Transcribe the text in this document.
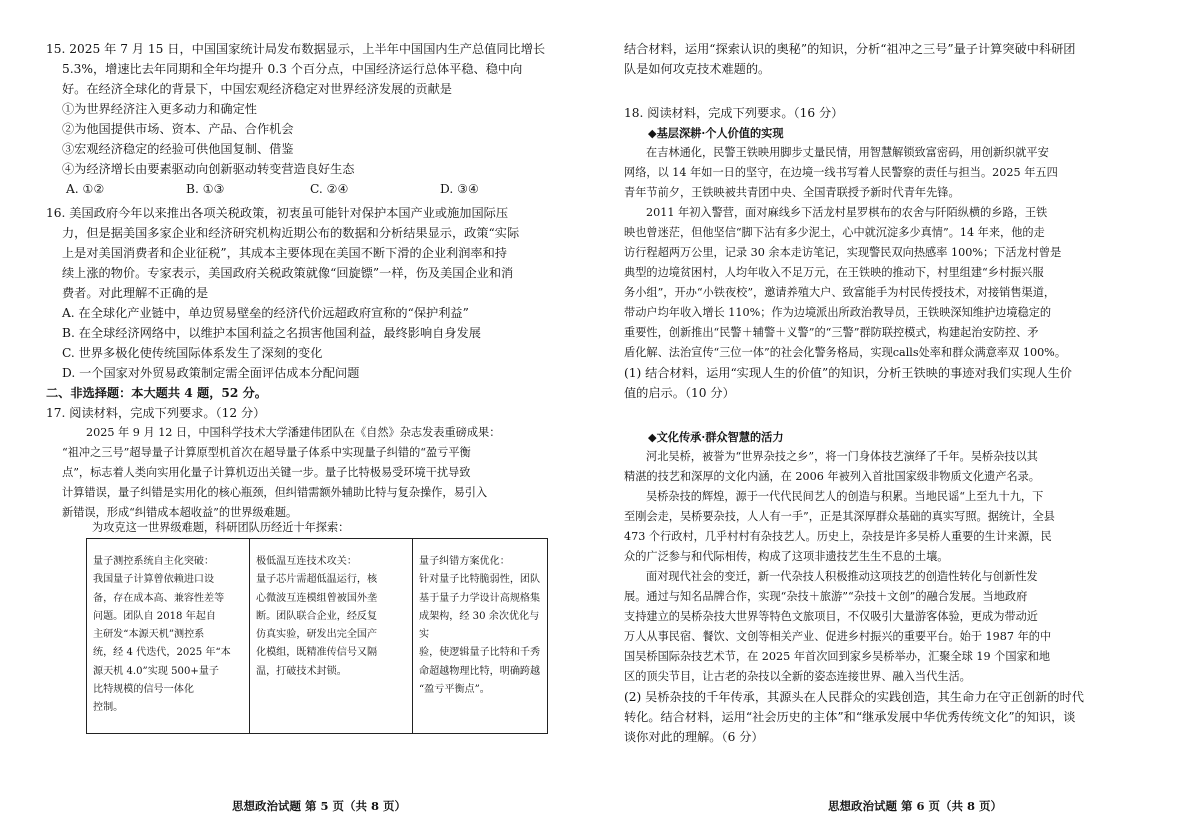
15. 2025 年 7 月 15 日，中国国家统计局发布数据显示，上半年中国国内生产总值同比增长
5.3%，增速比去年同期和全年均提升 0.3 个百分点，中国经济运行总体平稳、稳中向
好。在经济全球化的背景下，中国宏观经济稳定对世界经济发展的贡献是
①为世界经济注入更多动力和确定性
②为他国提供市场、资本、产品、合作机会
③宏观经济稳定的经验可供他国复制、借鉴
④为经济增长由要素驱动向创新驱动转变营造良好生态
A. ①②	B. ①③	C. ②④	D. ③④
16. 美国政府今年以来推出各项关税政策，初衷虽可能针对保护本国产业或施加国际压
力，但是据美国多家企业和经济研究机构近期公布的数据和分析结果显示，政策“实际
上是对美国消费者和企业征税”，其成本主要体现在美国不断下滑的企业利润率和持
续上涨的物价。专家表示，美国政府关税政策就像“回旋镖”一样，伤及美国企业和消
费者。对此理解不正确的是
A. 在全球化产业链中，单边贸易壁垒的经济代价远超政府宣称的“保护利益”
B. 在全球经济网络中，以维护本国利益之名损害他国利益，最终影响自身发展
C. 世界多极化使传统国际体系发生了深刻的变化
D. 一个国家对外贸易政策制定需全面评估成本分配问题
二、非选择题：本大题共 4 题，52 分。
17. 阅读材料，完成下列要求。（12 分）
2025 年 9 月 12 日，中国科学技术大学潘建伟团队在《自然》杂志发表重磅成果：
“祖冲之三号”超导量子计算原型机首次在超导量子体系中实现量子纠错的“盈亏平衡
点”，标志着人类向实用化量子计算机迈出关键一步。量子比特极易受环境干扰导致
计算错误，量子纠错是实用化的核心瓶颈，但纠错需额外辅助比特与复杂操作，易引入
新错误，形成“纠错成本超收益”的世界级难题。
为攻克这一世界级难题，科研团队历经近十年探索：
量子测控系统自主化突破：
我国量子计算曾依赖进口设
备，存在成本高、兼容性差等
问题。团队自 2018 年起自
主研发“本源天机”测控系
统，经 4 代迭代，2025 年“本
源天机 4.0”实现 500+量子
比特规模的信号一体化
控制。

极低温互连技术攻关：
量子芯片需超低温运行，核
心微波互连模组曾被国外垄
断。团队联合企业，经反复
仿真实验，研发出完全国产
化模组，既精准传信号又隔
温，打破技术封锁。

量子纠错方案优化：
针对量子比特脆弱性，团队
基于量子力学设计高规格集
成架构，经 30 余次优化与实
验，使逻辑量子比特和千秀
命超越物理比特，明确跨越
“盈亏平衡点”。
思想政治试题 第 5 页（共 8 页）
结合材料，运用“探索认识的奥秘”的知识，分析“祖冲之三号”量子计算突破中科研团
队是如何攻克技术难题的。
18. 阅读材料，完成下列要求。（16 分）
◆基层深耕·个人价值的实现
在吉林通化，民警王铁映用脚步丈量民情，用智慧解锁致富密码，用创新织就平安
网络，以 14 年如一日的坚守，在边境一线书写着人民警察的责任与担当。2025 年五四
青年节前夕，王铁映被共青团中央、全国青联授予新时代青年先锋。
2011 年初入警营，面对麻线乡下活龙村星罗棋布的农舍与阡陌纵横的乡路，王铁
映也曾迷茫，但他坚信“脚下沾有多少泥土，心中就沉淀多少真情”。14 年来，他的走
访行程超两万公里，记录 30 余本走访笔记，实现警民双向热感率 100%；下活龙村曾是
典型的边境贫困村，人均年收入不足万元，在王铁映的推动下，村里组建“乡村振兴服
务小组”，开办“小铁夜校”，邀请养殖大户、致富能手为村民传授技术，对接销售渠道，
带动户均年收入增长 110%；作为边境派出所政治教导员，王铁映深知维护边境稳定的
重要性，创新推出“民警＋辅警＋义警”的“三警”群防联控模式，构建起治安防控、矛
盾化解、法治宣传“三位一体”的社会化警务格局，实现calls处率和群众满意率双 100%。
(1) 结合材料，运用“实现人生的价值”的知识，分析王铁映的事迹对我们实现人生价
值的启示。（10 分）
◆文化传承·群众智慧的活力
河北吴桥，被誉为“世界杂技之乡”，将一门身体技艺演绎了千年。吴桥杂技以其
精湛的技艺和深厚的文化内涵，在 2006 年被列入首批国家级非物质文化遗产名录。
吴桥杂技的辉煌，源于一代代民间艺人的创造与积累。当地民谣“上至九十九，下
至刚会走，吴桥要杂技，人人有一手”，正是其深厚群众基础的真实写照。据统计，全县
473 个行政村，几乎村村有杂技艺人。历史上，杂技是许多吴桥人重要的生计来源，民
众的广泛参与和代际相传，构成了这项非遗技艺生生不息的土壤。
面对现代社会的变迁，新一代杂技人积极推动这项技艺的创造性转化与创新性发
展。通过与知名品牌合作，实现“杂技＋旅游”“杂技＋文创”的融合发展。当地政府
支持建立的吴桥杂技大世界等特色文旅项目，不仅吸引大量游客体验，更成为带动近
万人从事民宿、餐饮、文创等相关产业、促进乡村振兴的重要平台。始于 1987 年的中
国吴桥国际杂技艺术节，在 2025 年首次回到家乡吴桥举办，汇聚全球 19 个国家和地
区的顶尖节目，让古老的杂技以全新的姿态连接世界、融入当代生活。
(2) 吴桥杂技的千年传承，其源头在人民群众的实践创造，其生命力在守正创新的时代
转化。结合材料，运用“社会历史的主体”和“继承发展中华优秀传统文化”的知识，谈
谈你对此的理解。（6 分）
思想政治试题 第 6 页（共 8 页）
